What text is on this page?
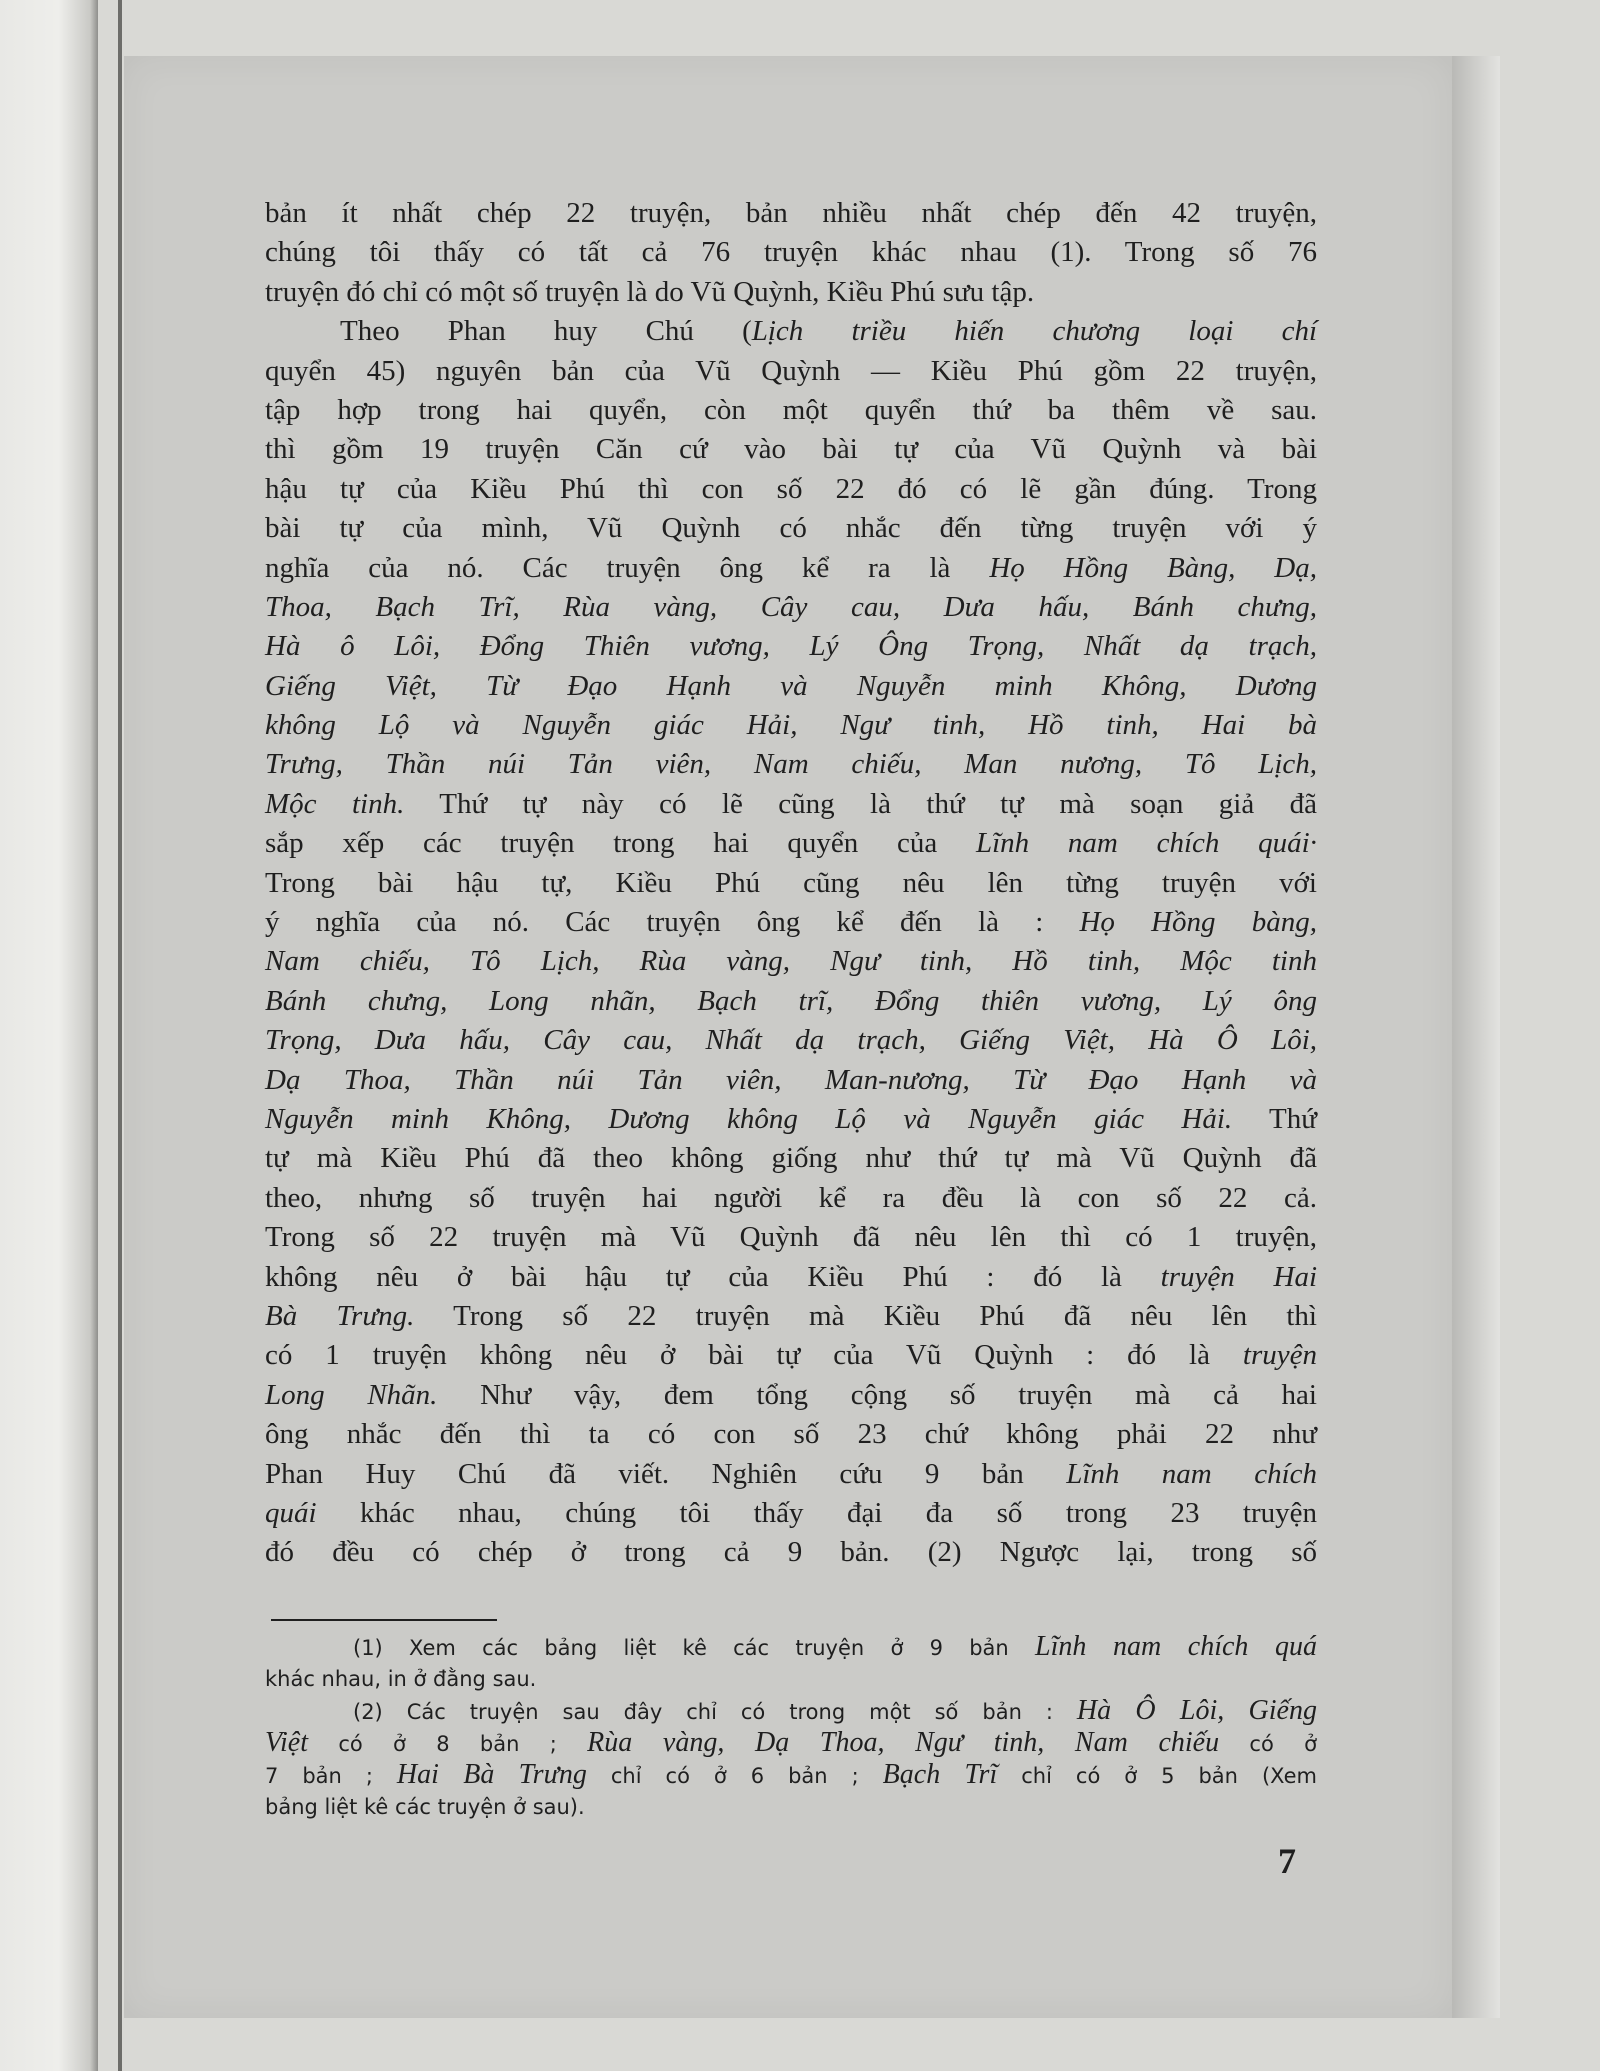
bản ít nhất chép 22 truyện, bản nhiều nhất chép đến 42 truyện,
chúng tôi thấy có tất cả 76 truyện khác nhau (1). Trong số 76
truyện đó chỉ có một số truyện là do Vũ Quỳnh, Kiều Phú sưu tập.
Theo Phan huy Chú (Lịch triều hiến chương loại chí
quyển 45) nguyên bản của Vũ Quỳnh — Kiều Phú gồm 22 truyện,
tập hợp trong hai quyển, còn một quyển thứ ba thêm về sau.
thì gồm 19 truyện Căn cứ vào bài tự của Vũ Quỳnh và bài
hậu tự của Kiều Phú thì con số 22 đó có lẽ gần đúng. Trong
bài tự của mình, Vũ Quỳnh có nhắc đến từng truyện với ý
nghĩa của nó. Các truyện ông kể ra là Họ Hồng Bàng, Dạ,
Thoa, Bạch Trĩ, Rùa vàng, Cây cau, Dưa hấu, Bánh chưng,
Hà ô Lôi, Đổng Thiên vương, Lý Ông Trọng, Nhất dạ trạch,
Giếng Việt, Từ Đạo Hạnh và Nguyễn minh Không, Dương
không Lộ và Nguyễn giác Hải, Ngư tinh, Hồ tinh, Hai bà
Trưng, Thần núi Tản viên, Nam chiếu, Man nương, Tô Lịch,
Mộc tinh. Thứ tự này có lẽ cũng là thứ tự mà soạn giả đã
sắp xếp các truyện trong hai quyển của Lĩnh nam chích quái·
Trong bài hậu tự, Kiều Phú cũng nêu lên từng truyện với
ý nghĩa của nó. Các truyện ông kể đến là : Họ Hồng bàng,
Nam chiếu, Tô Lịch, Rùa vàng, Ngư tinh, Hồ tinh, Mộc tinh
Bánh chưng, Long nhãn, Bạch trĩ, Đổng thiên vương, Lý ông
Trọng, Dưa hấu, Cây cau, Nhất dạ trạch, Giếng Việt, Hà Ô Lôi,
Dạ Thoa, Thần núi Tản viên, Man-nương, Từ Đạo Hạnh và
Nguyễn minh Không, Dương không Lộ và Nguyễn giác Hải. Thứ
tự mà Kiều Phú đã theo không giống như thứ tự mà Vũ Quỳnh đã
theo, nhưng số truyện hai người kể ra đều là con số 22 cả.
Trong số 22 truyện mà Vũ Quỳnh đã nêu lên thì có 1 truyện,
không nêu ở bài hậu tự của Kiều Phú : đó là truyện Hai
Bà Trưng. Trong số 22 truyện mà Kiều Phú đã nêu lên thì
có 1 truyện không nêu ở bài tự của Vũ Quỳnh : đó là truyện
Long Nhãn. Như vậy, đem tổng cộng số truyện mà cả hai
ông nhắc đến thì ta có con số 23 chứ không phải 22 như
Phan Huy Chú đã viết. Nghiên cứu 9 bản Lĩnh nam chích
quái khác nhau, chúng tôi thấy đại đa số trong 23 truyện
đó đều có chép ở trong cả 9 bản. (2) Ngược lại, trong số
(1) Xem các bảng liệt kê các truyện ở 9 bản Lĩnh nam chích quá
khác nhau, in ở đằng sau.
(2) Các truyện sau đây chỉ có trong một số bản : Hà Ô Lôi, Giếng
Việt có ở 8 bản ; Rùa vàng, Dạ Thoa, Ngư tinh, Nam chiếu có ở
7 bản ; Hai Bà Trưng chỉ có ở 6 bản ; Bạch Trĩ chỉ có ở 5 bản (Xem
bảng liệt kê các truyện ở sau).
7
